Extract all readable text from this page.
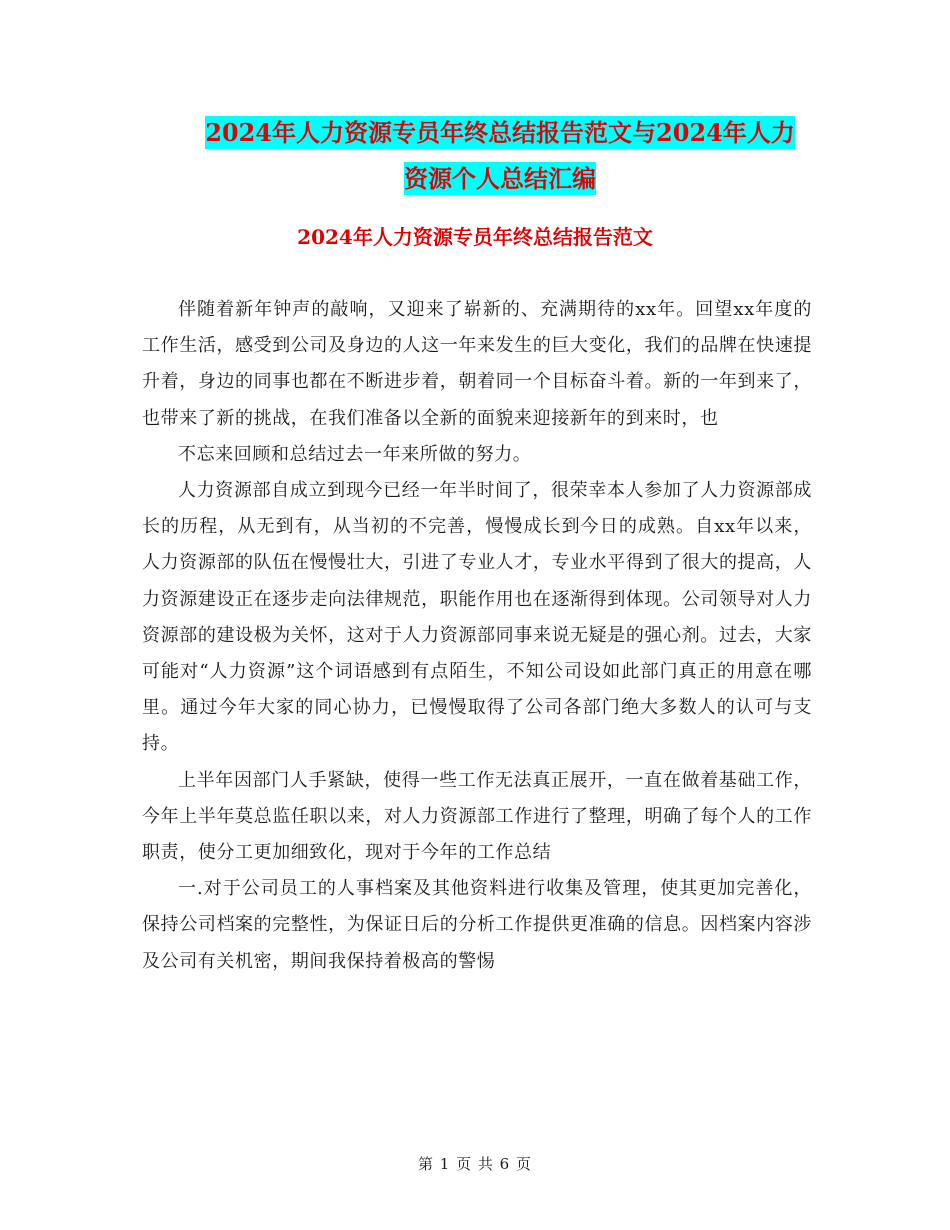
2024年人力资源专员年终总结报告范文与2024年人力
资源个人总结汇编
2024年人力资源专员年终总结报告范文

伴随着新年钟声的敲响，又迎来了崭新的、充满期待的xx年。回望xx年度的工作生活，感受到公司及身边的人这一年来发生的巨大变化，我们的品牌在快速提升着，身边的同事也都在不断进步着，朝着同一个目标奋斗着。新的一年到来了，也带来了新的挑战，在我们准备以全新的面貌来迎接新年的到来时，也

不忘来回顾和总结过去一年来所做的努力。

人力资源部自成立到现今已经一年半时间了，很荣幸本人参加了人力资源部成长的历程，从无到有，从当初的不完善，慢慢成长到今日的成熟。自xx年以来，人力资源部的队伍在慢慢壮大，引进了专业人才，专业水平得到了很大的提高，人力资源建设正在逐步走向法律规范，职能作用也在逐渐得到体现。公司领导对人力资源部的建设极为关怀，这对于人力资源部同事来说无疑是的强心剂。过去，大家可能对“人力资源”这个词语感到有点陌生，不知公司设如此部门真正的用意在哪里。通过今年大家的同心协力，已慢慢取得了公司各部门绝大多数人的认可与支持。

上半年因部门人手紧缺，使得一些工作无法真正展开，一直在做着基础工作，今年上半年莫总监任职以来，对人力资源部工作进行了整理，明确了每个人的工作职责，使分工更加细致化，现对于今年的工作总结

一.对于公司员工的人事档案及其他资料进行收集及管理，使其更加完善化，保持公司档案的完整性，为保证日后的分析工作提供更准确的信息。因档案内容涉及公司有关机密，期间我保持着极高的警惕

第 1 页 共 6 页
